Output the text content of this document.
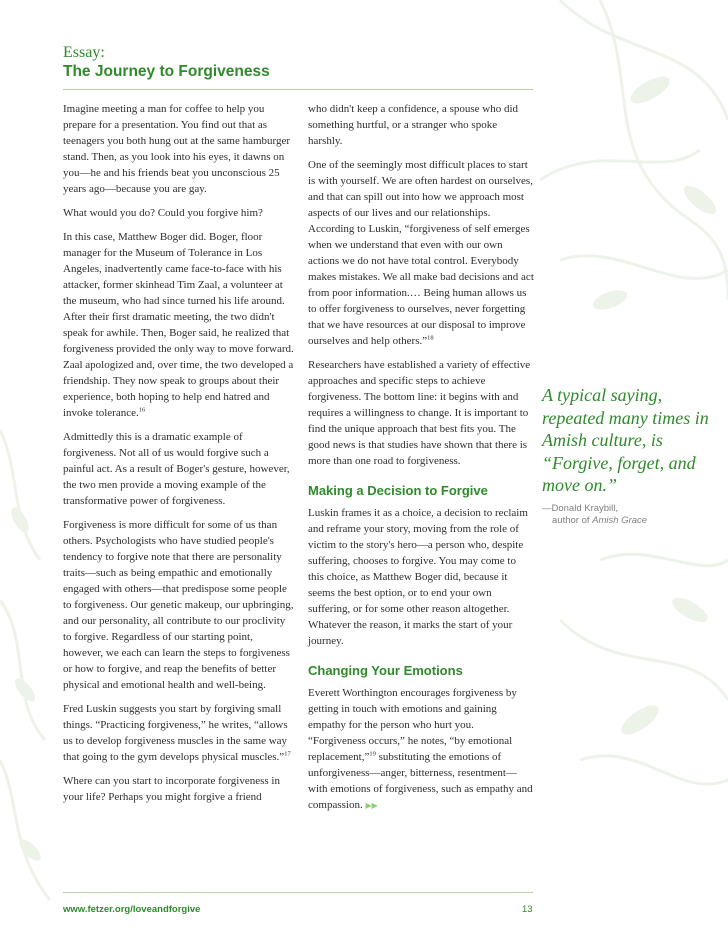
Essay:
The Journey to Forgiveness

Imagine meeting a man for coffee to help you prepare for a presentation. You find out that as teenagers you both hung out at the same hamburger stand. Then, as you look into his eyes, it dawns on you—he and his friends beat you unconscious 25 years ago—because you are gay.

What would you do? Could you forgive him?

In this case, Matthew Boger did. Boger, floor manager for the Museum of Tolerance in Los Angeles, inadvertently came face-to-face with his attacker, former skinhead Tim Zaal, a volunteer at the museum, who had since turned his life around. After their first dramatic meeting, the two didn't speak for awhile. Then, Boger said, he realized that forgiveness provided the only way to move forward. Zaal apologized and, over time, the two developed a friendship. They now speak to groups about their experience, both hoping to help end hatred and invoke tolerance.$^{16}$

Admittedly this is a dramatic example of forgiveness. Not all of us would forgive such a painful act. As a result of Boger's gesture, however, the two men provide a moving example of the transformative power of forgiveness.

Forgiveness is more difficult for some of us than others. Psychologists who have studied people's tendency to forgive note that there are personality traits—such as being empathic and emotionally engaged with others—that predispose some people to forgiveness. Our genetic makeup, our upbringing, and our personality, all contribute to our proclivity to forgive. Regardless of our starting point, however, we each can learn the steps to forgiveness or how to forgive, and reap the benefits of better physical and emotional health and well-being.

Fred Luskin suggests you start by forgiving small things. “Practicing forgiveness,” he writes, “allows us to develop forgiveness muscles in the same way that going to the gym develops physical muscles.”$^{17}$

Where can you start to incorporate forgiveness in your life? Perhaps you might forgive a friend

who didn't keep a confidence, a spouse who did something hurtful, or a stranger who spoke harshly.

One of the seemingly most difficult places to start is with yourself. We are often hardest on ourselves, and that can spill out into how we approach most aspects of our lives and our relationships. According to Luskin, “forgiveness of self emerges when we understand that even with our own actions we do not have total control. Everybody makes mistakes. We all make bad decisions and act from poor information.… Being human allows us to offer forgiveness to ourselves, never forgetting that we have resources at our disposal to improve ourselves and help others.”$^{18}$

Researchers have established a variety of effective approaches and specific steps to achieve forgiveness. The bottom line: it begins with and requires a willingness to change. It is important to find the unique approach that best fits you. The good news is that studies have shown that there is more than one road to forgiveness.

Making a Decision to Forgive

Luskin frames it as a choice, a decision to reclaim and reframe your story, moving from the role of victim to the story's hero—a person who, despite suffering, chooses to forgive. You may come to this choice, as Matthew Boger did, because it seems the best option, or to end your own suffering, or for some other reason altogether. Whatever the reason, it marks the start of your journey.

Changing Your Emotions

Everett Worthington encourages forgiveness by getting in touch with emotions and gaining empathy for the person who hurt you. “Forgiveness occurs,” he notes, “by emotional replacement,”$^{19}$ substituting the emotions of unforgiveness—anger, bitterness, resentment—with emotions of forgiveness, such as empathy and compassion. ▶▶

A typical saying, repeated many times in Amish culture, is “Forgive, forget, and move on.”
—Donald Kraybill,
author of Amish Grace
www.fetzer.org/loveandforgive	13
